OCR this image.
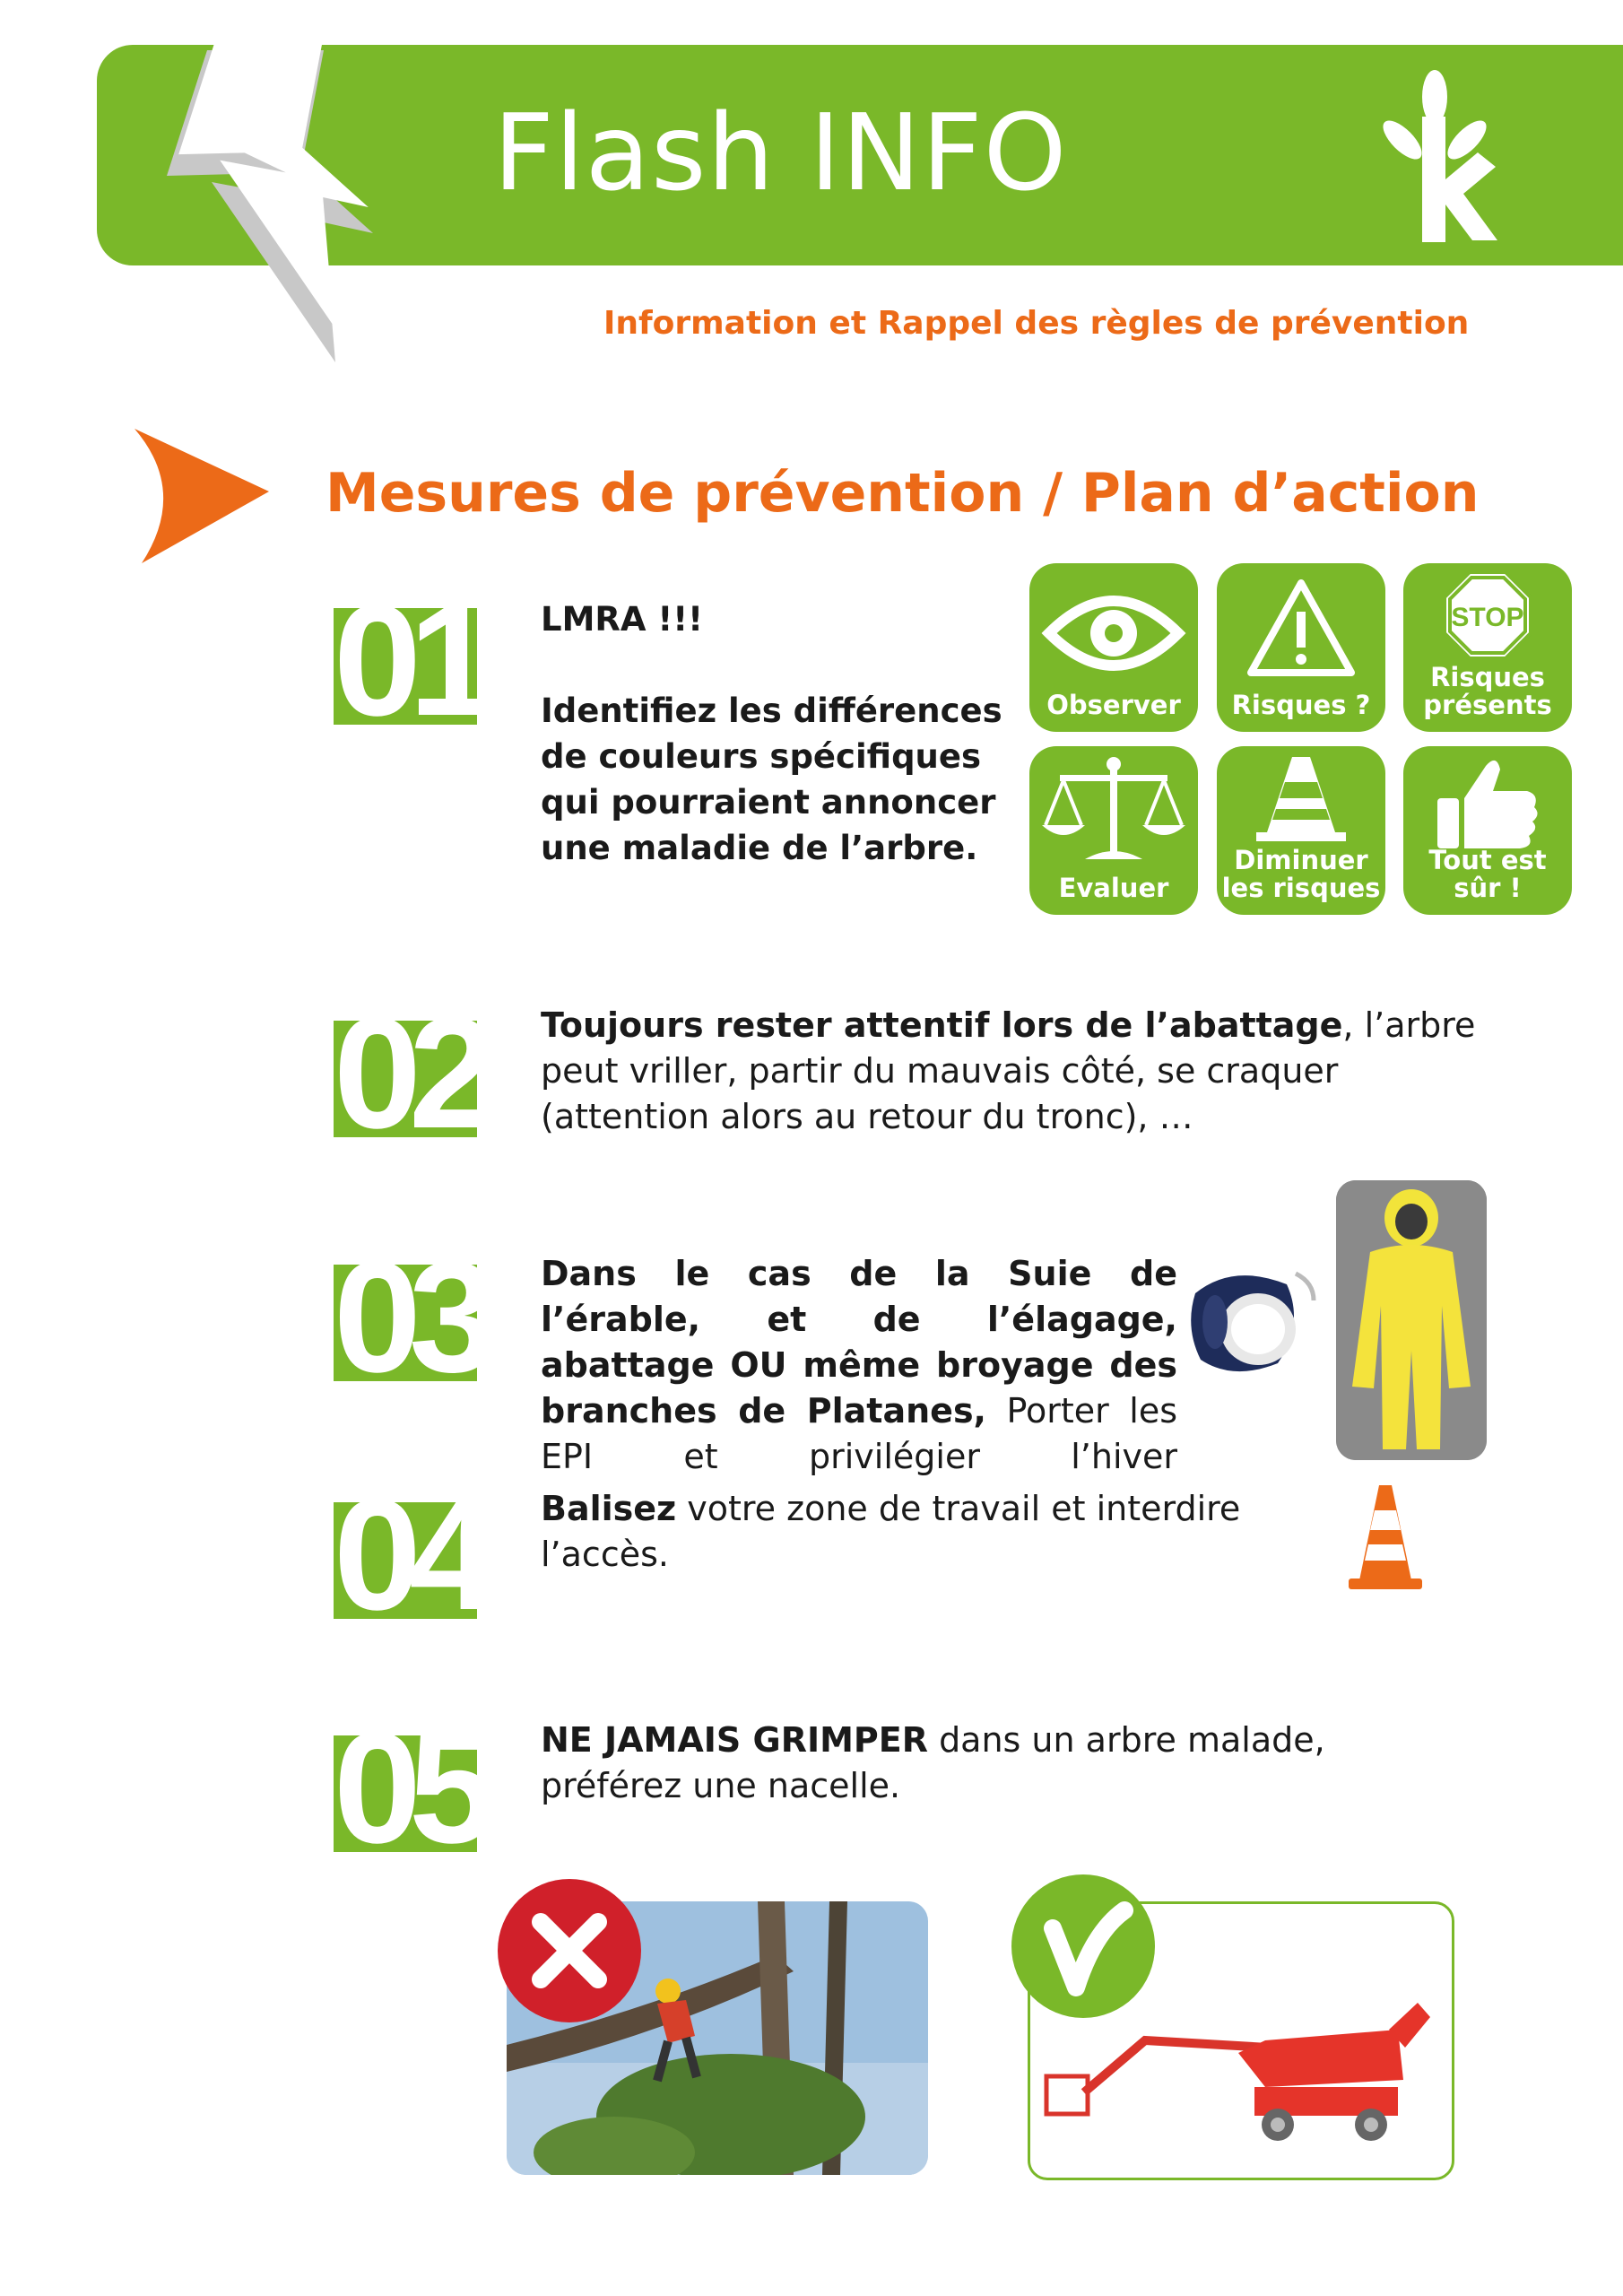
Flash INFO
Information et Rappel des règles de prévention
Mesures de prévention / Plan d’action
01 LMRA !!!
Identifiez les différences de couleurs spécifiques qui pourraient annoncer une maladie de l’arbre.
Observer	Risques ?
STOP
Risques présents
Evaluer
Diminuer les risques
Tout est sûr !
02 Toujours rester attentif lors de l’abattage, l’arbre peut vriller, partir du mauvais côté, se craquer (attention alors au retour du tronc), …
03 Dans le cas de la Suie de l’érable, et de l’élagage, abattage OU même broyage des branches de Platanes, Porter les EPI et privilégier l’hiver
04 Balisez votre zone de travail et interdire l’accès.
05 NE JAMAIS GRIMPER dans un arbre malade, préférez une nacelle.
